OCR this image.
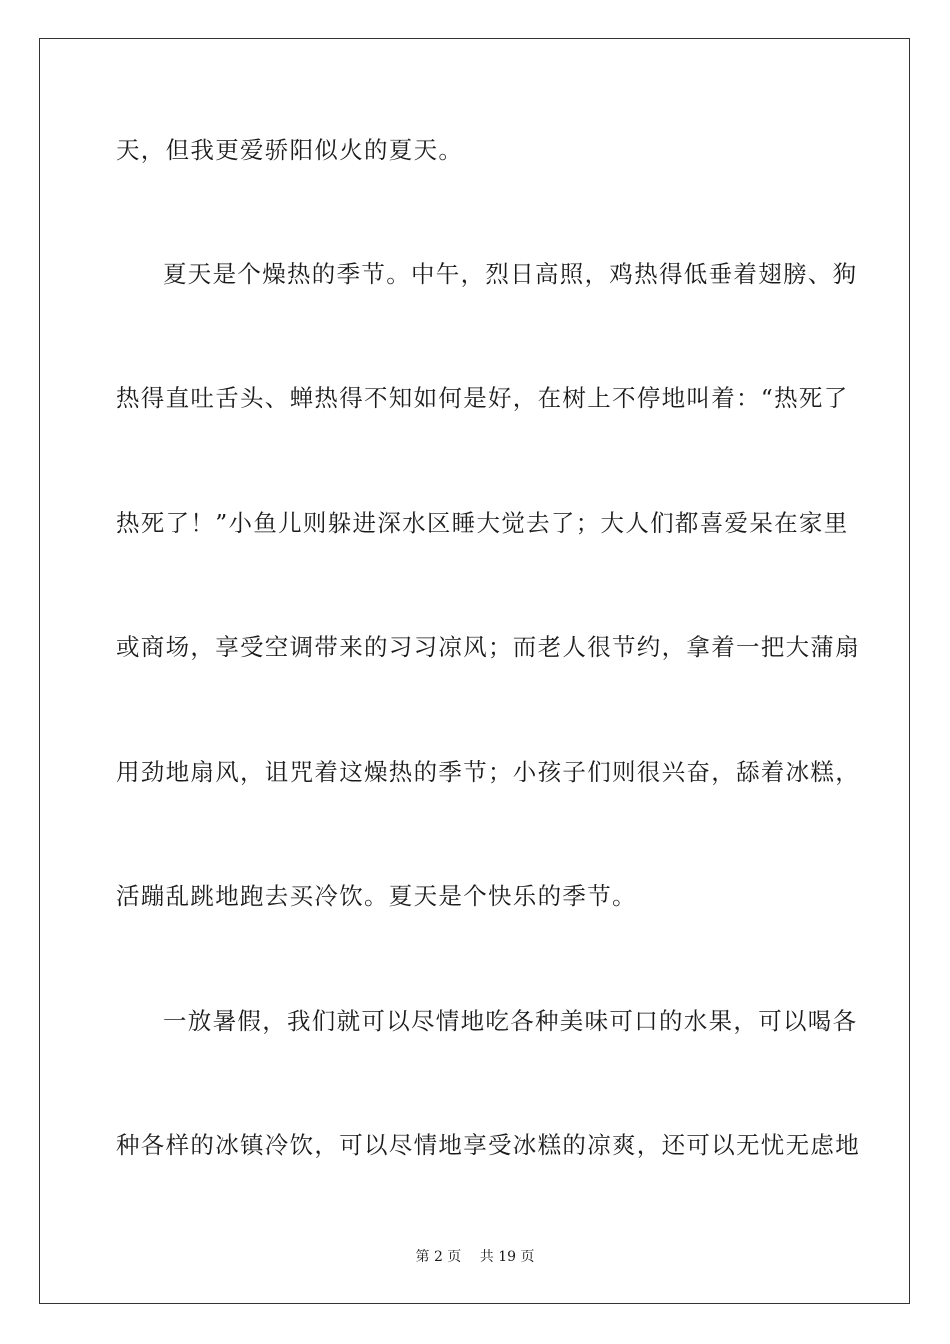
天，但我更爱骄阳似火的夏天。
夏天是个燥热的季节。中午，烈日高照，鸡热得低垂着翅膀、狗
热得直吐舌头、蝉热得不知如何是好，在树上不停地叫着：“热死了
热死了！”小鱼儿则躲进深水区睡大觉去了；大人们都喜爱呆在家里
或商场，享受空调带来的习习凉风；而老人很节约，拿着一把大蒲扇
用劲地扇风，诅咒着这燥热的季节；小孩子们则很兴奋，舔着冰糕，
活蹦乱跳地跑去买冷饮。夏天是个快乐的季节。
一放暑假，我们就可以尽情地吃各种美味可口的水果，可以喝各
种各样的冰镇冷饮，可以尽情地享受冰糕的凉爽，还可以无忧无虑地
第 2 页　 共 19 页
